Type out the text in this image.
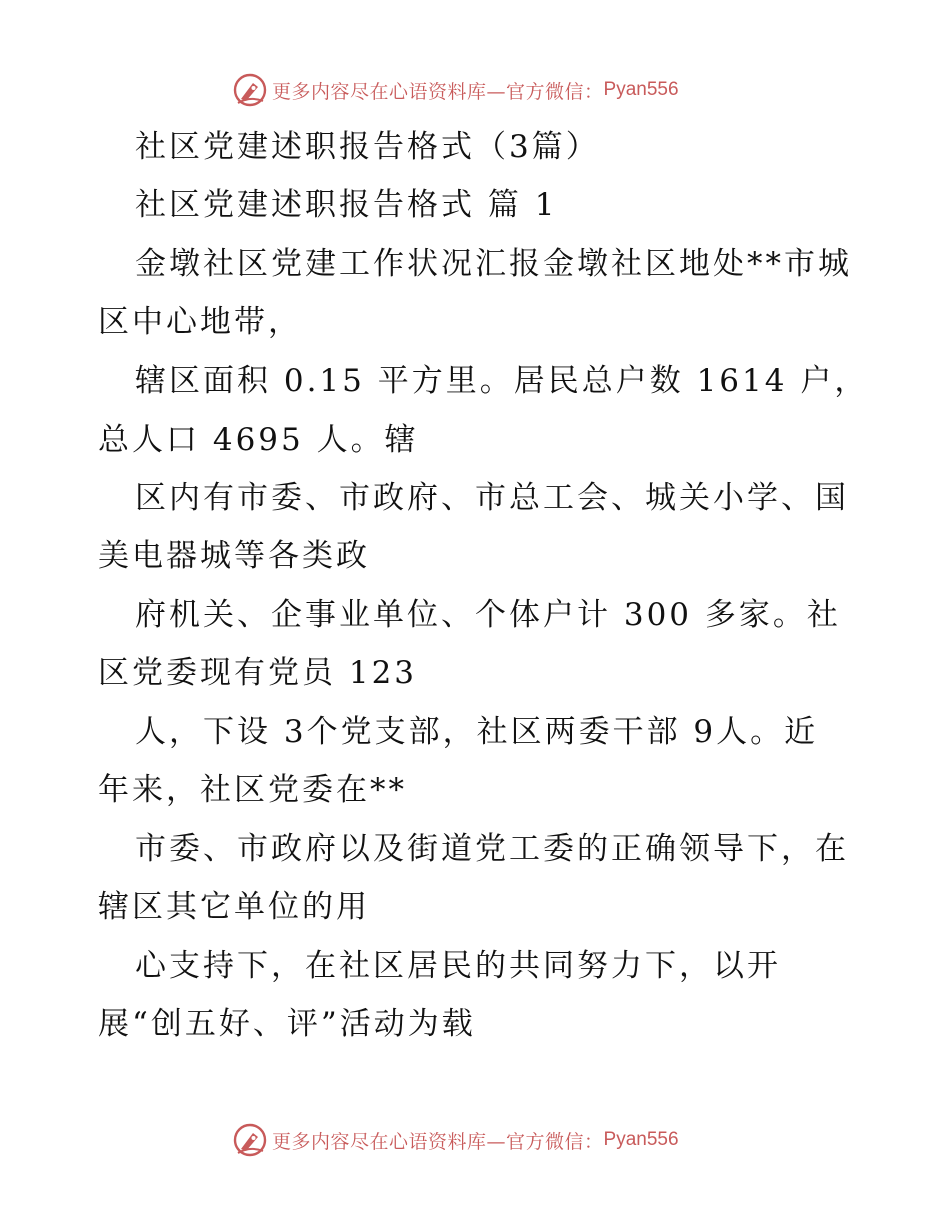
更多内容尽在心语资料库—官方微信： Pyan556
社区党建述职报告格式（3篇）
社区党建述职报告格式 篇 1
金墩社区党建工作状况汇报金墩社区地处**市城
区中心地带，
辖区面积 0.15 平方里。居民总户数 1614 户，
总人口 4695 人。辖
区内有市委、市政府、市总工会、城关小学、国
美电器城等各类政
府机关、企事业单位、个体户计 300 多家。社
区党委现有党员 123
人，下设 3个党支部，社区两委干部 9人。近
年来，社区党委在**
市委、市政府以及街道党工委的正确领导下，在
辖区其它单位的用
心支持下，在社区居民的共同努力下，以开
展“创五好、评”活动为载
更多内容尽在心语资料库—官方微信： Pyan556
